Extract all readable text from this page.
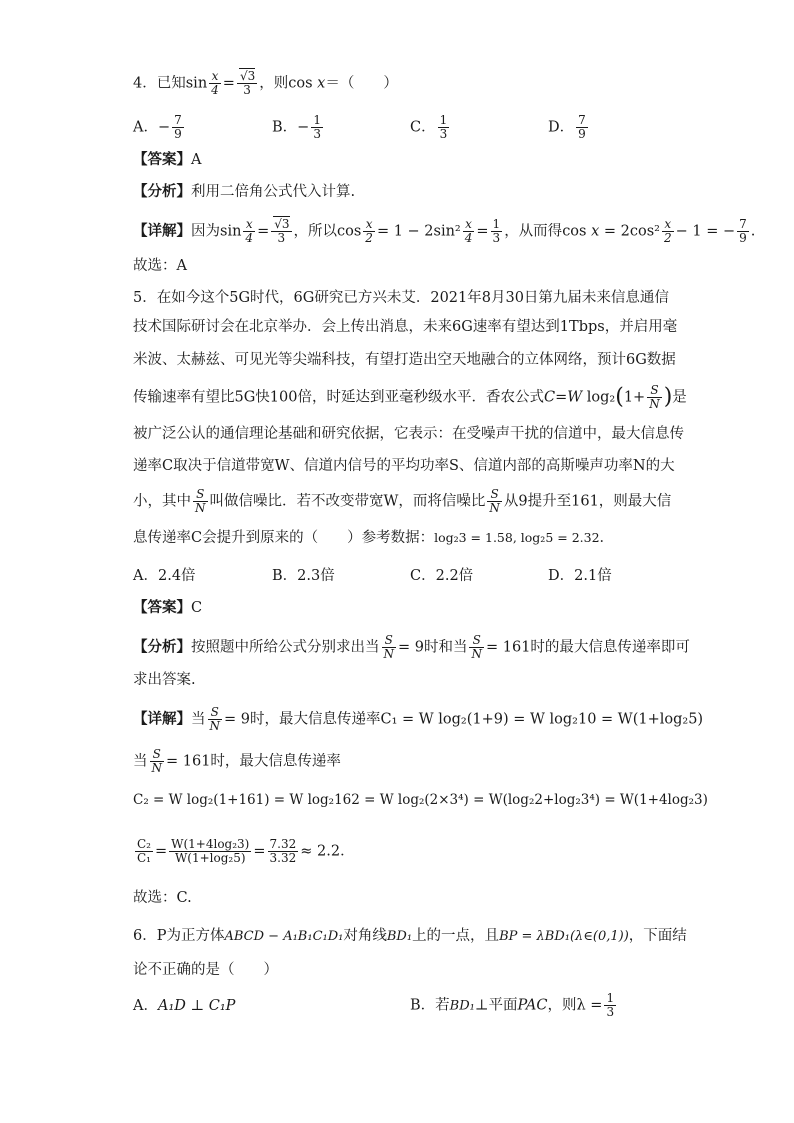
4．已知$\sin \frac{x}{4} = \frac{√3}{3}$ ，则cos x＝（　　）
A．− $\frac{7}{9}$	B．− $\frac{1}{3}$	C． $\frac{1}{3}$	D． $\frac{7}{9}$
【答案】A
【分析】利用二倍角公式代入计算.
【详解】因为$\sin \frac{x}{4} = \frac{√3}{3}$ ，所以$\cos \frac{x}{2} = 1 - 2\sin^2 \frac{x}{4} = \frac{1}{3}$ ，从而得$\cos x = 2\cos^2 \frac{x}{2} - 1$ = − $\frac{7}{9}$ .
故选：A
5．在如今这个5G时代，6G研究已方兴未艾．2021年8月30日第九届未来信息通信
技术国际研讨会在北京举办．会上传出消息，未来6G速率有望达到1Tbps，并启用毫
米波、太赫兹、可见光等尖端科技，有望打造出空天地融合的立体网络，预计6G数据
传输速率有望比5G快100倍，时延达到亚毫秒级水平．香农公式C=W $\log_2(1+ \frac{S}{N}$ )是
被广泛公认的通信理论基础和研究依据，它表示：在受噪声干扰的信道中，最大信息传
递率C取决于信道带宽W、信道内信号的平均功率S、信道内部的高斯噪声功率N的大
小，其中 $\frac{S}{N}$ 叫做信噪比．若不改变带宽W，而将信噪比 $\frac{S}{N}$ 从9提升至161，则最大信
息传递率C会提升到原来的（　　）参考数据：log₂3 = 1.58, log₂5 = 2.32．
A．2.4倍	B．2.3倍	C．2.2倍	D．2.1倍
【答案】C
【分析】按照题中所给公式分别求出当 $\frac{S}{N} = 9$时和当 $\frac{S}{N} = 161$时的最大信息传递率即可
求出答案.
【详解】当 $\frac{S}{N} = 9$时，最大信息传递率C₁ = W log₂(1+9) = W log₂10 = W(1+log₂5)
当 $\frac{S}{N} = 161$时，最大信息传递率
C₂ = W log₂(1+161) = W log₂162 = W log₂(2×3⁴) = W(log₂2+log₂3⁴) = W(1+4log₂3)
$\frac{\text{C₂}}{\text{C₁}} = \frac{\text{W(1+4log₂3)}}{\text{W(1+log₂5)}} = \frac{7.32}{3.32} \approx 2.2$．
故选：C.
6．P为正方体ABCD − A₁B₁C₁D₁对角线BD₁上的一点，且BP = λBD₁(λ∈(0,1))，下面结
论不正确的是（　　）
A．A₁D ⊥ C₁P	B．若BD₁⊥平面PAC，则$\lambda = \frac{1}{3}$
